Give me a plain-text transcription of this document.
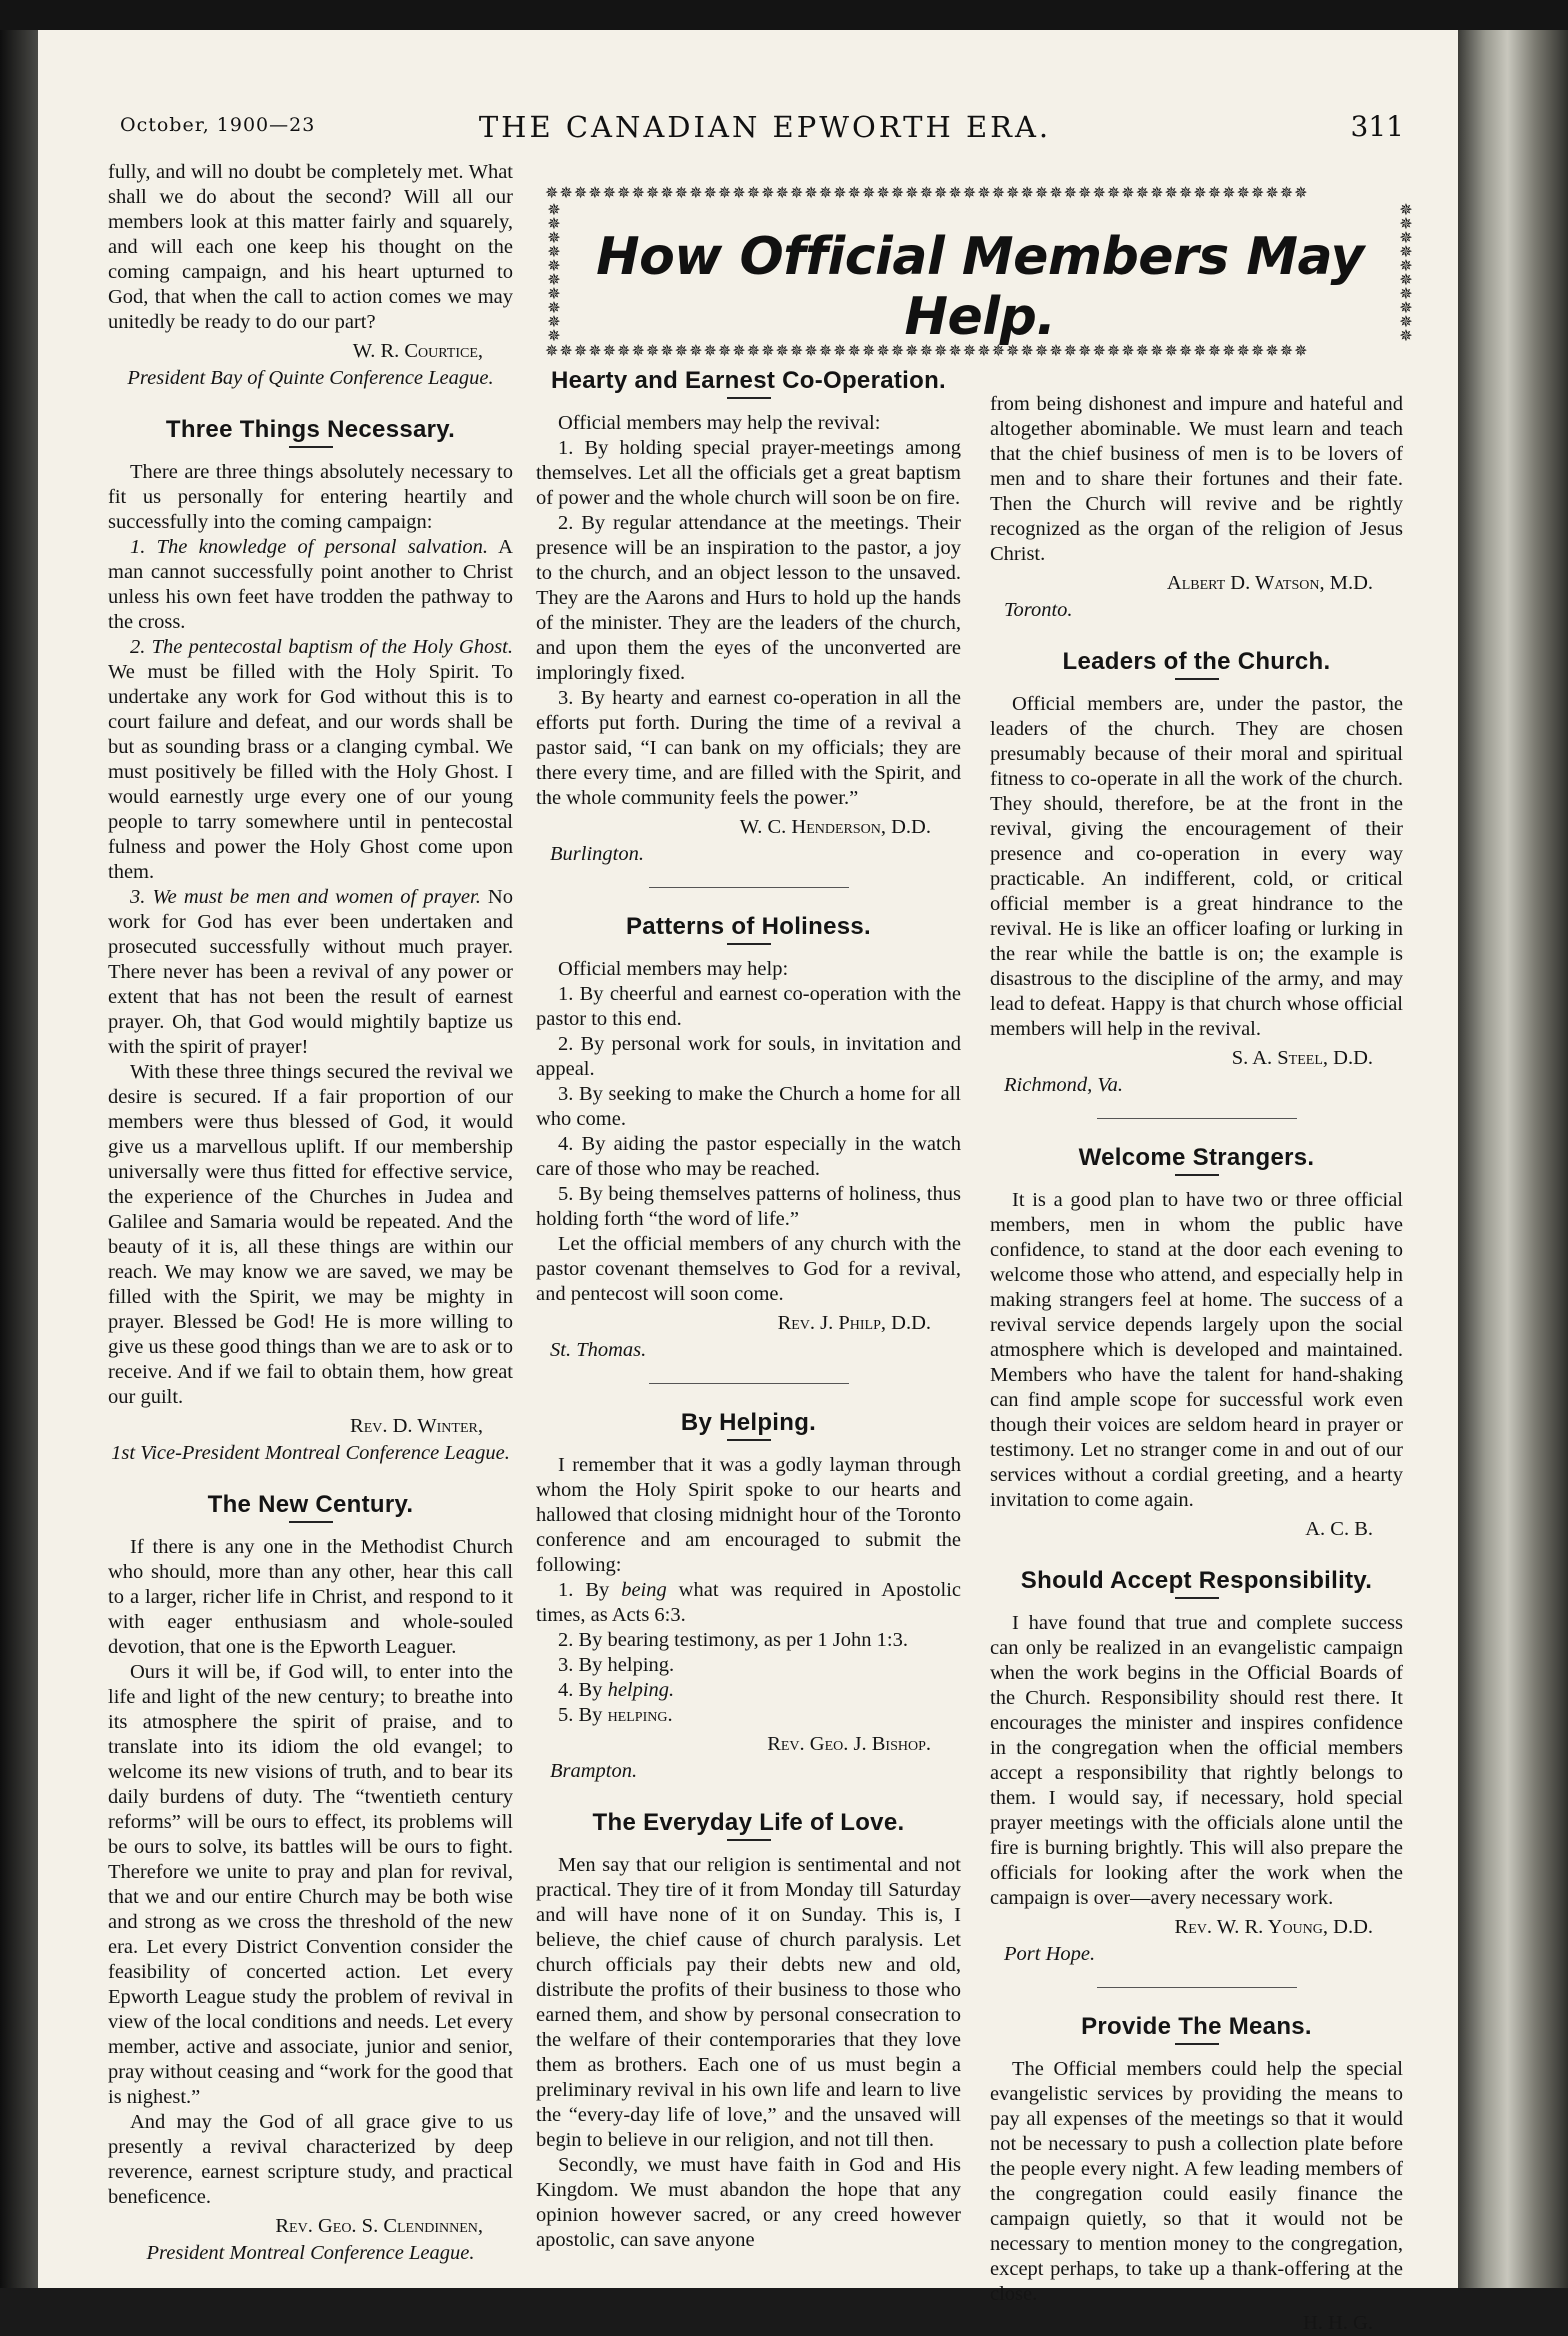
October, 1900—23	THE CANADIAN EPWORTH ERA.	311
✵✵✵✵✵✵✵✵✵✵✵✵✵✵✵✵✵✵✵✵✵✵✵✵✵✵✵✵✵✵✵✵✵✵✵✵✵✵✵✵✵✵✵✵✵✵✵✵✵✵✵✵✵
✵✵✵✵✵✵✵✵✵✵
✵✵✵✵✵✵✵✵✵✵
How Official Members May Help.
✵✵✵✵✵✵✵✵✵✵✵✵✵✵✵✵✵✵✵✵✵✵✵✵✵✵✵✵✵✵✵✵✵✵✵✵✵✵✵✵✵✵✵✵✵✵✵✵✵✵✵✵✵

fully, and will no doubt be completely met. What shall we do about the second? Will all our members look at this matter fairly and squarely, and will each one keep his thought on the coming campaign, and his heart upturned to God, that when the call to action comes we may unitedly be ready to do our part?

W. R. Courtice,
President Bay of Quinte Conference League.
Three Things Necessary.

There are three things absolutely necessary to fit us personally for entering heartily and successfully into the coming campaign:

1. The knowledge of personal salvation. A man cannot successfully point another to Christ unless his own feet have trodden the pathway to the cross.

2. The pentecostal baptism of the Holy Ghost. We must be filled with the Holy Spirit. To undertake any work for God without this is to court failure and defeat, and our words shall be but as sounding brass or a clanging cymbal. We must positively be filled with the Holy Ghost. I would earnestly urge every one of our young people to tarry somewhere until in pentecostal fulness and power the Holy Ghost come upon them.

3. We must be men and women of prayer. No work for God has ever been undertaken and prosecuted successfully without much prayer. There never has been a revival of any power or extent that has not been the result of earnest prayer. Oh, that God would mightily baptize us with the spirit of prayer!

With these three things secured the revival we desire is secured. If a fair proportion of our members were thus blessed of God, it would give us a marvellous uplift. If our membership universally were thus fitted for effective service, the experience of the Churches in Judea and Galilee and Samaria would be repeated. And the beauty of it is, all these things are within our reach. We may know we are saved, we may be filled with the Spirit, we may be mighty in prayer. Blessed be God! He is more willing to give us these good things than we are to ask or to receive. And if we fail to obtain them, how great our guilt.

Rev. D. Winter,
1st Vice-President Montreal Conference League.
The New Century.

If there is any one in the Methodist Church who should, more than any other, hear this call to a larger, richer life in Christ, and respond to it with eager enthusiasm and whole-souled devotion, that one is the Epworth Leaguer.

Ours it will be, if God will, to enter into the life and light of the new century; to breathe into its atmosphere the spirit of praise, and to translate into its idiom the old evangel; to welcome its new visions of truth, and to bear its daily burdens of duty. The “twentieth century reforms” will be ours to effect, its problems will be ours to solve, its battles will be ours to fight. Therefore we unite to pray and plan for revival, that we and our entire Church may be both wise and strong as we cross the threshold of the new era. Let every District Convention consider the feasibility of concerted action. Let every Epworth League study the problem of revival in view of the local conditions and needs. Let every member, active and associate, junior and senior, pray without ceasing and “work for the good that is nighest.”

And may the God of all grace give to us presently a revival characterized by deep reverence, earnest scripture study, and practical beneficence.

Rev. Geo. S. Clendinnen,
President Montreal Conference League.
Hearty and Earnest Co-Operation.

Official members may help the revival:

1. By holding special prayer-meetings among themselves. Let all the officials get a great baptism of power and the whole church will soon be on fire.

2. By regular attendance at the meetings. Their presence will be an inspiration to the pastor, a joy to the church, and an object lesson to the unsaved. They are the Aarons and Hurs to hold up the hands of the minister. They are the leaders of the church, and upon them the eyes of the unconverted are imploringly fixed.

3. By hearty and earnest co-operation in all the efforts put forth. During the time of a revival a pastor said, “I can bank on my officials; they are there every time, and are filled with the Spirit, and the whole community feels the power.”

W. C. Henderson, D.D.
Burlington.
Patterns of Holiness.

Official members may help:

1. By cheerful and earnest co-operation with the pastor to this end.

2. By personal work for souls, in invitation and appeal.

3. By seeking to make the Church a home for all who come.

4. By aiding the pastor especially in the watch care of those who may be reached.

5. By being themselves patterns of holiness, thus holding forth “the word of life.”

Let the official members of any church with the pastor covenant themselves to God for a revival, and pentecost will soon come.

Rev. J. Philp, D.D.
St. Thomas.
By Helping.

I remember that it was a godly layman through whom the Holy Spirit spoke to our hearts and hallowed that closing midnight hour of the Toronto conference and am encouraged to submit the following:

1. By being what was required in Apostolic times, as Acts 6:3.

2. By bearing testimony, as per 1 John 1:3.

3. By helping.

4. By helping.

5. By helping.

Rev. Geo. J. Bishop.
Brampton.
The Everyday Life of Love.

Men say that our religion is sentimental and not practical. They tire of it from Monday till Saturday and will have none of it on Sunday. This is, I believe, the chief cause of church paralysis. Let church officials pay their debts new and old, distribute the profits of their business to those who earned them, and show by personal consecration to the welfare of their contemporaries that they love them as brothers. Each one of us must begin a preliminary revival in his own life and learn to live the “every-day life of love,” and the unsaved will begin to believe in our religion, and not till then.

Secondly, we must have faith in God and His Kingdom. We must abandon the hope that any opinion however sacred, or any creed however apostolic, can save anyone

from being dishonest and impure and hateful and altogether abominable. We must learn and teach that the chief business of men is to be lovers of men and to share their fortunes and their fate. Then the Church will revive and be rightly recognized as the organ of the religion of Jesus Christ.

Albert D. Watson, M.D.
Toronto.
Leaders of the Church.

Official members are, under the pastor, the leaders of the church. They are chosen presumably because of their moral and spiritual fitness to co-operate in all the work of the church. They should, therefore, be at the front in the revival, giving the encouragement of their presence and co-operation in every way practicable. An indifferent, cold, or critical official member is a great hindrance to the revival. He is like an officer loafing or lurking in the rear while the battle is on; the example is disastrous to the discipline of the army, and may lead to defeat. Happy is that church whose official members will help in the revival.

S. A. Steel, D.D.
Richmond, Va.
Welcome Strangers.

It is a good plan to have two or three official members, men in whom the public have confidence, to stand at the door each evening to welcome those who attend, and especially help in making strangers feel at home. The success of a revival service depends largely upon the social atmosphere which is developed and maintained. Members who have the talent for hand-shaking can find ample scope for successful work even though their voices are seldom heard in prayer or testimony. Let no stranger come in and out of our services without a cordial greeting, and a hearty invitation to come again.

A. C. B.
Should Accept Responsibility.

I have found that true and complete success can only be realized in an evangelistic campaign when the work begins in the Official Boards of the Church. Responsibility should rest there. It encourages the minister and inspires confidence in the congregation when the official members accept a responsibility that rightly belongs to them. I would say, if necessary, hold special prayer meetings with the officials alone until the fire is burning brightly. This will also prepare the officials for looking after the work when the campaign is over—avery necessary work.

Rev. W. R. Young, D.D.
Port Hope.
Provide The Means.

The Official members could help the special evangelistic services by providing the means to pay all expenses of the meetings so that it would not be necessary to push a collection plate before the people every night. A few leading members of the congregation could easily finance the campaign quietly, so that it would not be necessary to mention money to the congregation, except perhaps, to take up a thank-offering at the close.

H. H. G.
